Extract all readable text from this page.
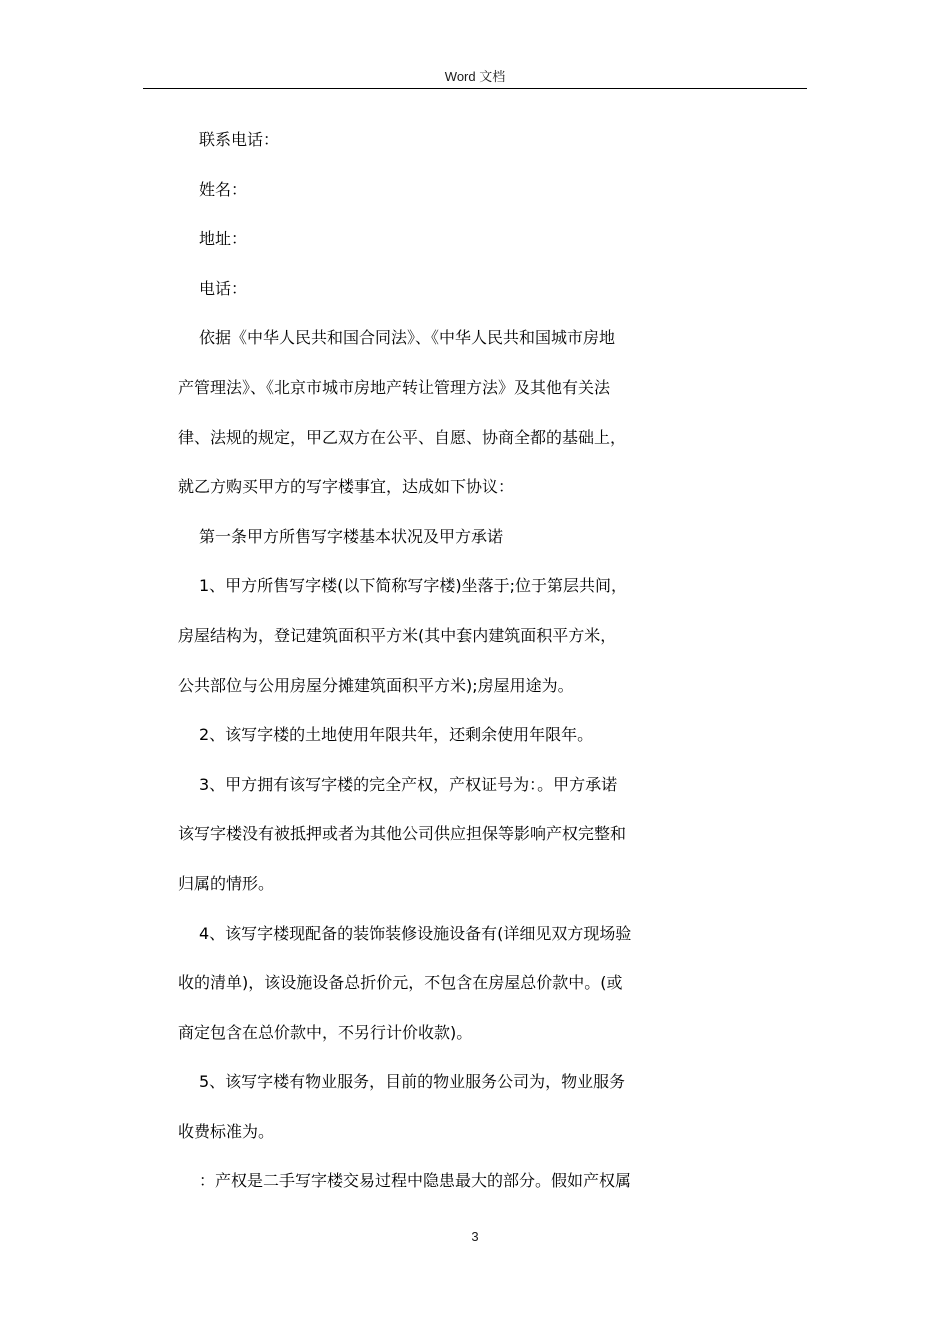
Word 文档
联系电话：
姓名：
地址：
电话：
依据《中华人民共和国合同法》、《中华人民共和国城市房地
产管理法》、《北京市城市房地产转让管理方法》及其他有关法
律、法规的规定，甲乙双方在公平、自愿、协商全都的基础上，
就乙方购买甲方的写字楼事宜，达成如下协议：
第一条甲方所售写字楼基本状况及甲方承诺
1、甲方所售写字楼(以下简称写字楼)坐落于;位于第层共间，
房屋结构为，登记建筑面积平方米(其中套内建筑面积平方米，
公共部位与公用房屋分摊建筑面积平方米);房屋用途为。
2、该写字楼的土地使用年限共年，还剩余使用年限年。
3、甲方拥有该写字楼的完全产权，产权证号为：。甲方承诺
该写字楼没有被抵押或者为其他公司供应担保等影响产权完整和
归属的情形。
4、该写字楼现配备的装饰装修设施设备有(详细见双方现场验
收的清单)，该设施设备总折价元，不包含在房屋总价款中。(或
商定包含在总价款中，不另行计价收款)。
5、该写字楼有物业服务，目前的物业服务公司为，物业服务
收费标准为。
：产权是二手写字楼交易过程中隐患最大的部分。假如产权属
3
